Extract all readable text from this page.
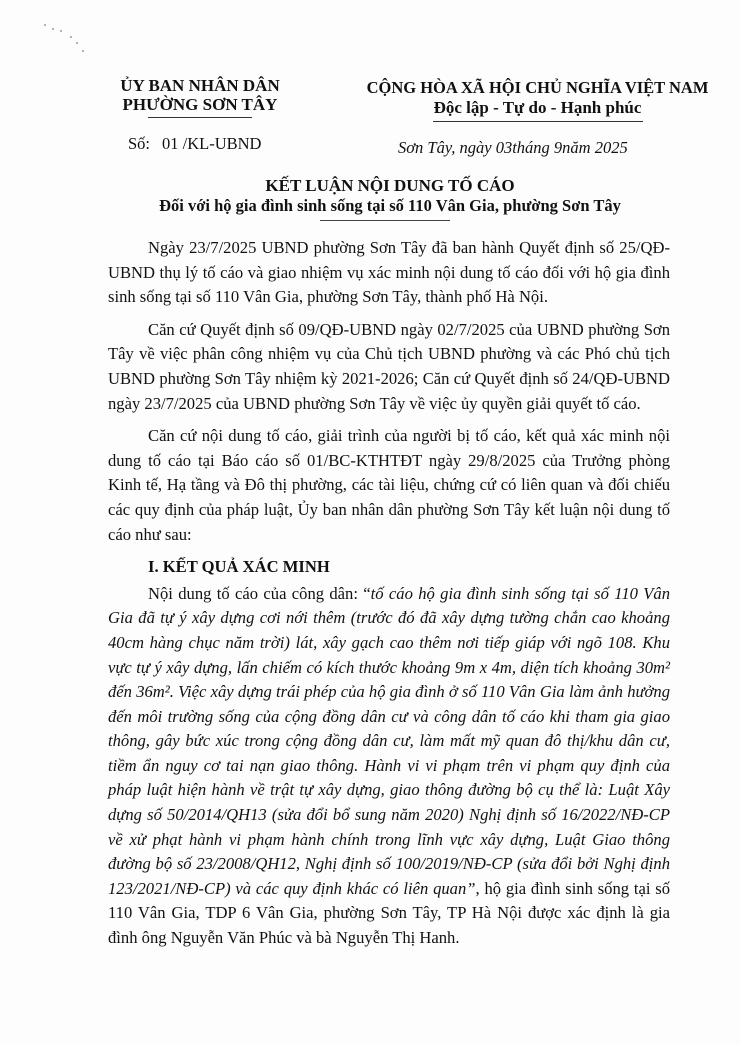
ỦY BAN NHÂN DÂN
PHƯỜNG SƠN TÂY
CỘNG HÒA XÃ HỘI CHỦ NGHĨA VIỆT NAM
Độc lập - Tự do - Hạnh phúc
Số: 01 /KL-UBND	Sơn Tây, ngày 03tháng 9năm 2025
KẾT LUẬN NỘI DUNG TỐ CÁO
Đối với hộ gia đình sinh sống tại số 110 Vân Gia, phường Sơn Tây

Ngày 23/7/2025 UBND phường Sơn Tây đã ban hành Quyết định số 25/QĐ-UBND thụ lý tố cáo và giao nhiệm vụ xác minh nội dung tố cáo đối với hộ gia đình sinh sống tại số 110 Vân Gia, phường Sơn Tây, thành phố Hà Nội.

Căn cứ Quyết định số 09/QĐ-UBND ngày 02/7/2025 của UBND phường Sơn Tây về việc phân công nhiệm vụ của Chủ tịch UBND phường và các Phó chủ tịch UBND phường Sơn Tây nhiệm kỳ 2021-2026; Căn cứ Quyết định số 24/QĐ-UBND ngày 23/7/2025 của UBND phường Sơn Tây về việc ủy quyền giải quyết tố cáo.

Căn cứ nội dung tố cáo, giải trình của người bị tố cáo, kết quả xác minh nội dung tố cáo tại Báo cáo số 01/BC-KTHTĐT ngày 29/8/2025 của Trưởng phòng Kinh tế, Hạ tầng và Đô thị phường, các tài liệu, chứng cứ có liên quan và đối chiếu các quy định của pháp luật, Ủy ban nhân dân phường Sơn Tây kết luận nội dung tố cáo như sau:

I. KẾT QUẢ XÁC MINH

Nội dung tố cáo của công dân: “tố cáo hộ gia đình sinh sống tại số 110 Vân Gia đã tự ý xây dựng cơi nới thêm (trước đó đã xây dựng tường chắn cao khoảng 40cm hàng chục năm trời) lát, xây gạch cao thêm nơi tiếp giáp với ngõ 108. Khu vực tự ý xây dựng, lấn chiếm có kích thước khoảng 9m x 4m, diện tích khoảng 30m² đến 36m². Việc xây dựng trái phép của hộ gia đình ở số 110 Vân Gia làm ảnh hưởng đến môi trường sống của cộng đồng dân cư và công dân tố cáo khi tham gia giao thông, gây bức xúc trong cộng đồng dân cư, làm mất mỹ quan đô thị/khu dân cư, tiềm ẩn nguy cơ tai nạn giao thông. Hành vi vi phạm trên vi phạm quy định của pháp luật hiện hành về trật tự xây dựng, giao thông đường bộ cụ thể là: Luật Xây dựng số 50/2014/QH13 (sửa đổi bổ sung năm 2020) Nghị định số 16/2022/NĐ-CP về xử phạt hành vi phạm hành chính trong lĩnh vực xây dựng, Luật Giao thông đường bộ số 23/2008/QH12, Nghị định số 100/2019/NĐ-CP (sửa đổi bởi Nghị định 123/2021/NĐ-CP) và các quy định khác có liên quan”, hộ gia đình sinh sống tại số 110 Vân Gia, TDP 6 Vân Gia, phường Sơn Tây, TP Hà Nội được xác định là gia đình ông Nguyễn Văn Phúc và bà Nguyễn Thị Hanh.
